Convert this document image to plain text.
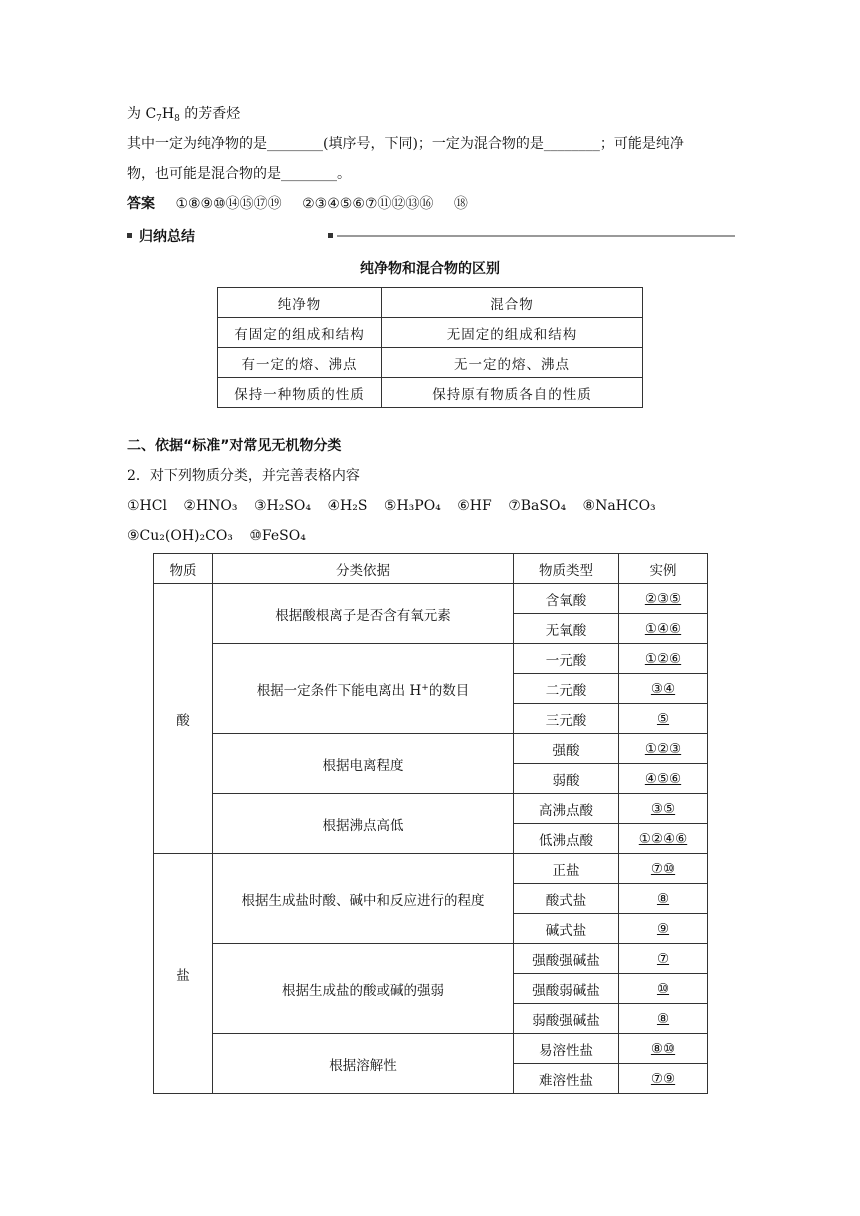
为 $C_7H_8$ 的芳香烃
其中一定为纯净物的是________(填序号，下同)；一定为混合物的是________；可能是纯净
物，也可能是混合物的是________。
答案 ①⑧⑨⑩⑭⑮⑰⑲ ②③④⑤⑥⑦⑪⑫⑬⑯ ⑱
归纳总结
纯净物和混合物的区别
纯净物	混合物
有固定的组成和结构	无固定的组成和结构
有一定的熔、沸点	无一定的熔、沸点
保持一种物质的性质	保持原有物质各自的性质
二、依据“标准”对常见无机物分类
2．对下列物质分类，并完善表格内容
①HCl ②HNO₃ ③H₂SO₄ ④H₂S ⑤H₃PO₄ ⑥HF ⑦BaSO₄ ⑧NaHCO₃
⑨Cu₂(OH)₂CO₃ ⑩FeSO₄
物质	分类依据	物质类型	实例
酸	根据酸根离子是否含有氧元素	含氧酸	②③⑤
		无氧酸	①④⑥
	根据一定条件下能电离出 H+的数目	一元酸	①②⑥
		二元酸	③④
		三元酸	⑤
	根据电离程度	强酸	①②③
		弱酸	④⑤⑥
	根据沸点高低	高沸点酸	③⑤
		低沸点酸	①②④⑥
盐	根据生成盐时酸、碱中和反应进行的程度	正盐	⑦⑩
		酸式盐	⑧
		碱式盐	⑨
	根据生成盐的酸或碱的强弱	强酸强碱盐	⑦
		强酸弱碱盐	⑩
		弱酸强碱盐	⑧
	根据溶解性	易溶性盐	⑧⑩
		难溶性盐	⑦⑨
